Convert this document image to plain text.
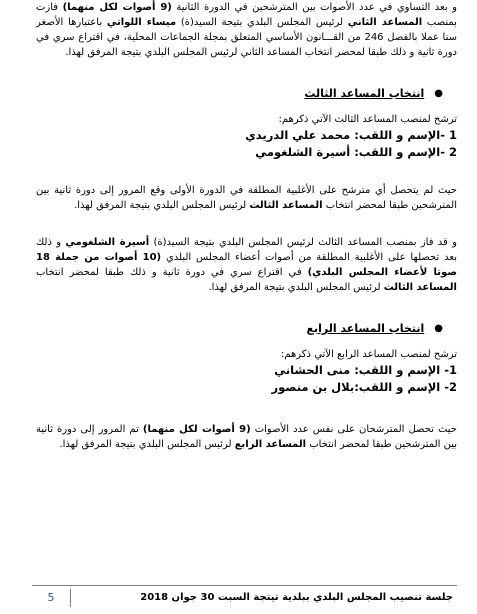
و بعد التساوي في عدد الأصوات بين المترشحين في الدورة الثانية (9 أصوات لكل منهما) فازت بمنصب المساعد الثاني لرئيس المجلس البلدي بتيجة السيد(ة) ميساء اللواتي باعتبارها الأصغر سنا عملا بالفصل 246 من القـــانون الأساسي المتعلق بمجلة الجماعات المحلية، في اقتراع سري في دورة ثانية و ذلك طبقا لمحضر انتخاب المساعد الثاني لرئيس المجلس البلدي بتيجة المرفق لهذا.

●
انتخاب المساعد الثالث

ترشح لمنصب المساعد الثالث الآتي ذكرهم:

1 -الإسم و اللقب: محمد علي الدريدي

2 -الإسم و اللقب: أسيرة الشلغومي

حيث لم يتحصل أي مترشح على الأغلبية المطلقة في الدورة الأولى وقع المرور إلى دورة ثانية بين المترشحين طبقا لمحضر انتخاب المساعد الثالث لرئيس المجلس البلدي بتيجة المرفق لهذا.

و قد فاز بمنصب المساعد الثالث لرئيس المجلس البلدي بتيجة السيد(ة) أسيرة الشلغومي و ذلك بعد تحصلها على الأغلبية المطلقة من أصوات أعضاء المجلس البلدي (10 أصوات من جملة 18 صوتا لأعضاء المجلس البلدي) في اقتراع سري في دورة ثانية و ذلك طبقا لمحضر انتخاب المساعد الثالث لرئيس المجلس البلدي بتيجة المرفق لهذا.

●
انتخاب المساعد الرابع

ترشح لمنصب المساعد الرابع الآتي ذكرهم:

1- الإسم و اللقب: منى الحشاني

2- الإسم و اللقب:بلال بن منصور

حيث تحصل المترشحان على نفس عدد الأصوات (9 أصوات لكل منهما) تم المرور إلى دورة ثانية بين المترشحين طبقا لمحضر انتخاب المساعد الرابع لرئيس المجلس البلدي بتيجة المرفق لهذا.

5	جلسة تنصيب المجلس البلدي ببلدية تيتجة السبت 30 جوان 2018
